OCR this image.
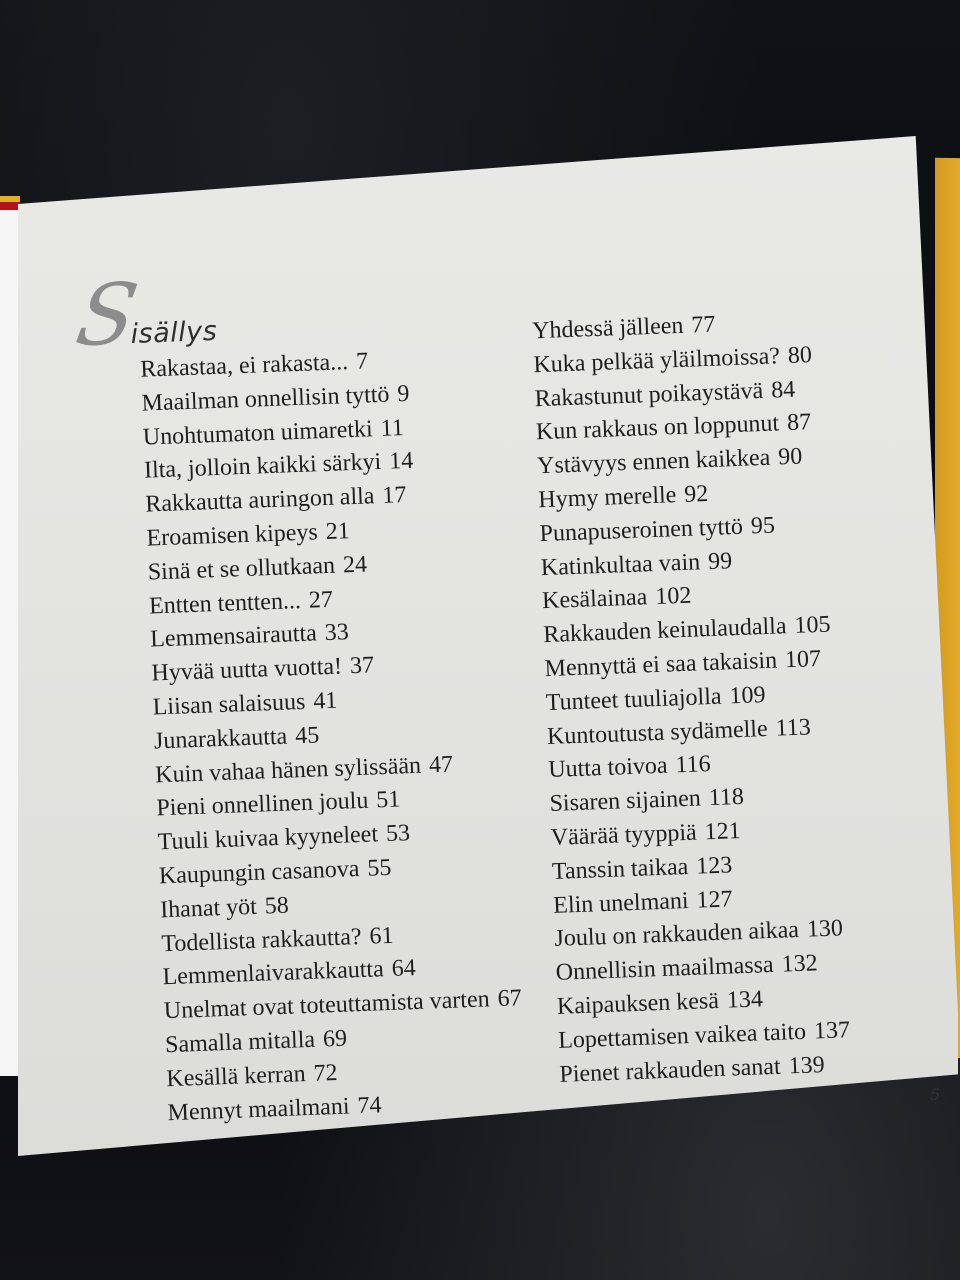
Sisällys
Rakastaa, ei rakasta... 7
Maailman onnellisin tyttö 9
Unohtumaton uimaretki 11
Ilta, jolloin kaikki särkyi 14
Rakkautta auringon alla 17
Eroamisen kipeys 21
Sinä et se ollutkaan 24
Entten tentten... 27
Lemmensairautta 33
Hyvää uutta vuotta! 37
Liisan salaisuus 41
Junarakkautta 45
Kuin vahaa hänen sylissään 47
Pieni onnellinen joulu 51
Tuuli kuivaa kyyneleet 53
Kaupungin casanova 55
Ihanat yöt 58
Todellista rakkautta? 61
Lemmenlaivarakkautta 64
Unelmat ovat toteuttamista varten 67
Samalla mitalla 69
Kesällä kerran 72
Mennyt maailmani 74
Yhdessä jälleen 77
Kuka pelkää yläilmoissa? 80
Rakastunut poikaystävä 84
Kun rakkaus on loppunut 87
Ystävyys ennen kaikkea 90
Hymy merelle 92
Punapuseroinen tyttö 95
Katinkultaa vain 99
Kesälainaa 102
Rakkauden keinulaudalla 105
Mennyttä ei saa takaisin 107
Tunteet tuuliajolla 109
Kuntoutusta sydämelle 113
Uutta toivoa 116
Sisaren sijainen 118
Väärää tyyppiä 121
Tanssin taikaa 123
Elin unelmani 127
Joulu on rakkauden aikaa 130
Onnellisin maailmassa 132
Kaipauksen kesä 134
Lopettamisen vaikea taito 137
Pienet rakkauden sanat 139
5
